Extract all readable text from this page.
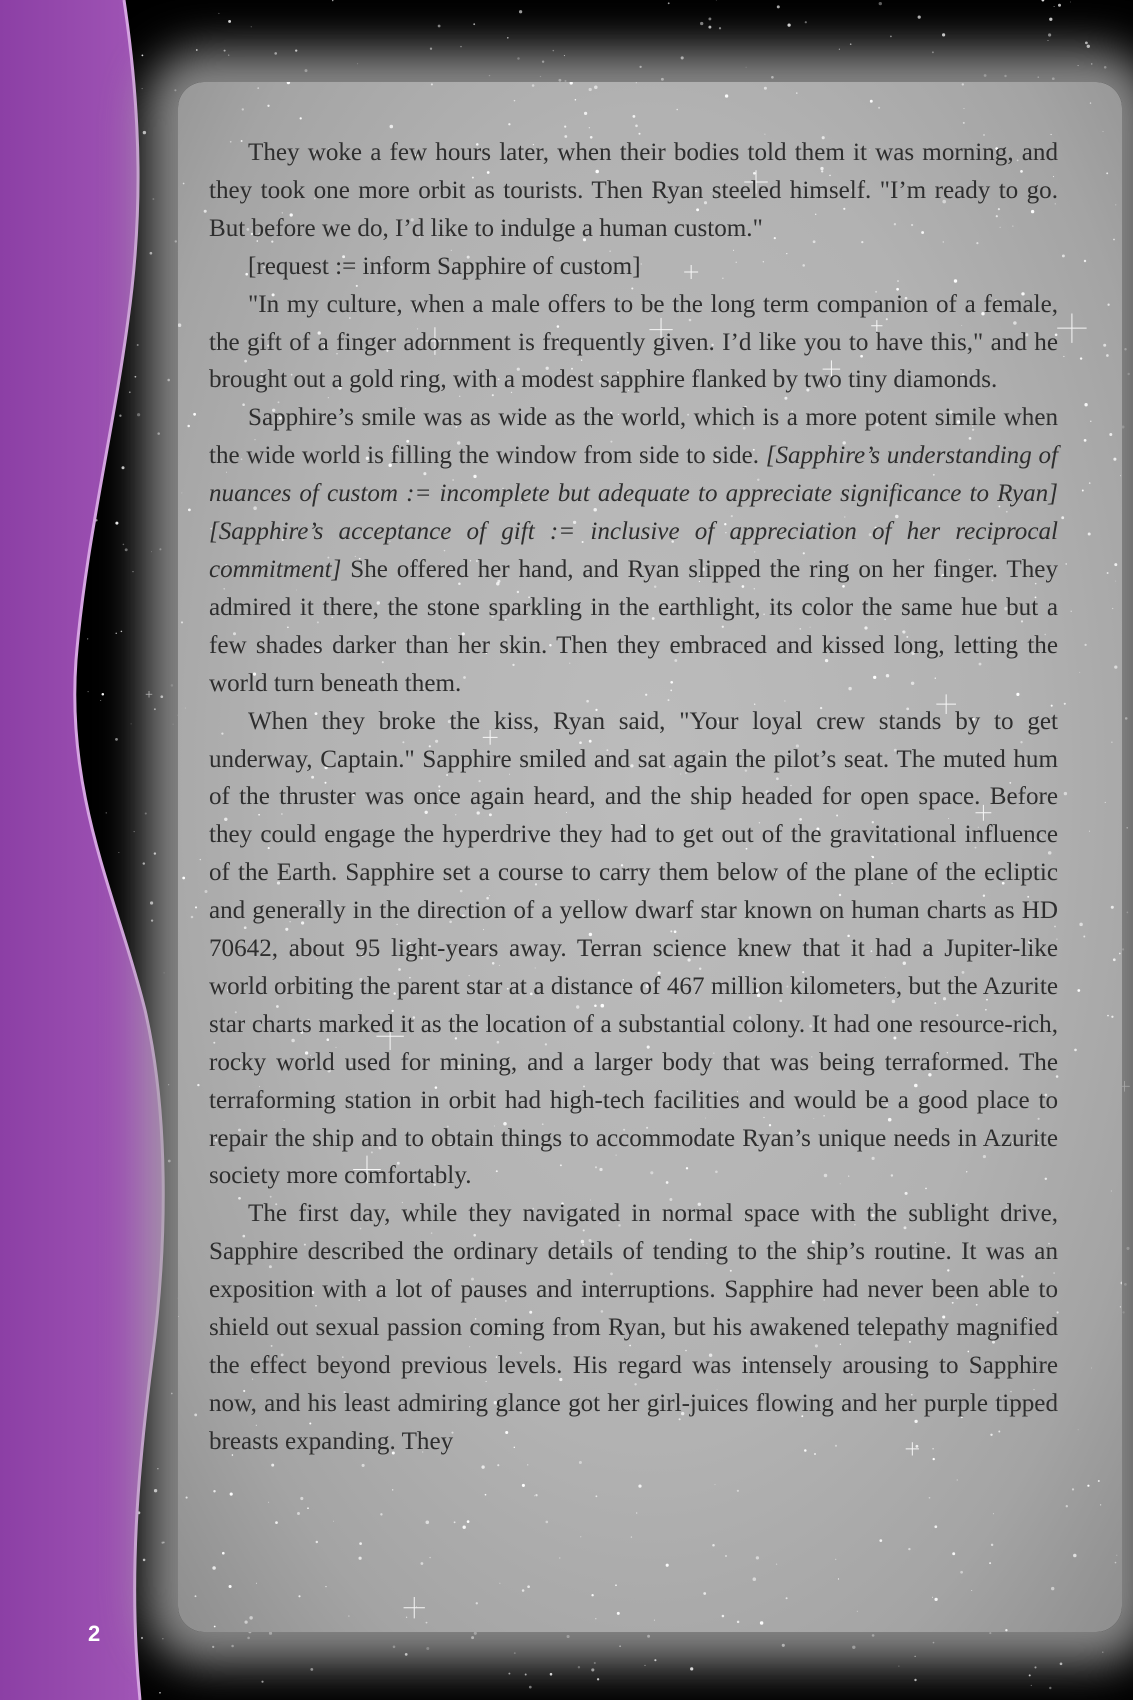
They woke a few hours later, when their bodies told them it was morning, and they took one more orbit as tourists. Then Ryan steeled himself. "I’m ready to go. But before we do, I’d like to indulge a human custom."

[request := inform Sapphire of custom]

"In my culture, when a male offers to be the long term companion of a female, the gift of a finger adornment is frequently given. I’d like you to have this," and he brought out a gold ring, with a modest sapphire flanked by two tiny diamonds.

Sapphire’s smile was as wide as the world, which is a more potent simile when the wide world is filling the window from side to side. [Sapphire’s understanding of nuances of custom := incomplete but adequate to appreciate significance to Ryan] [Sapphire’s acceptance of gift := inclusive of appreciation of her reciprocal commitment] She offered her hand, and Ryan slipped the ring on her finger. They admired it there, the stone sparkling in the earthlight, its color the same hue but a few shades darker than her skin. Then they embraced and kissed long, letting the world turn beneath them.

When they broke the kiss, Ryan said, "Your loyal crew stands by to get underway, Captain." Sapphire smiled and sat again the pilot’s seat. The muted hum of the thruster was once again heard, and the ship headed for open space. Before they could engage the hyperdrive they had to get out of the gravitational influence of the Earth. Sapphire set a course to carry them below of the plane of the ecliptic and generally in the direction of a yellow dwarf star known on human charts as HD 70642, about 95 light-years away. Terran science knew that it had a Jupiter-like world orbiting the parent star at a distance of 467 million kilometers, but the Azurite star charts marked it as the location of a substantial colony. It had one resource-rich, rocky world used for mining, and a larger body that was being terraformed. The terraforming station in orbit had high-tech facilities and would be a good place to repair the ship and to obtain things to accommodate Ryan’s unique needs in Azurite society more comfortably.

The first day, while they navigated in normal space with the sublight drive, Sapphire described the ordinary details of tending to the ship’s routine. It was an exposition with a lot of pauses and interruptions. Sapphire had never been able to shield out sexual passion coming from Ryan, but his awakened telepathy magnified the effect beyond previous levels. His regard was intensely arousing to Sapphire now, and his least admiring glance got her girl-juices flowing and her purple tipped breasts expanding. They

2
